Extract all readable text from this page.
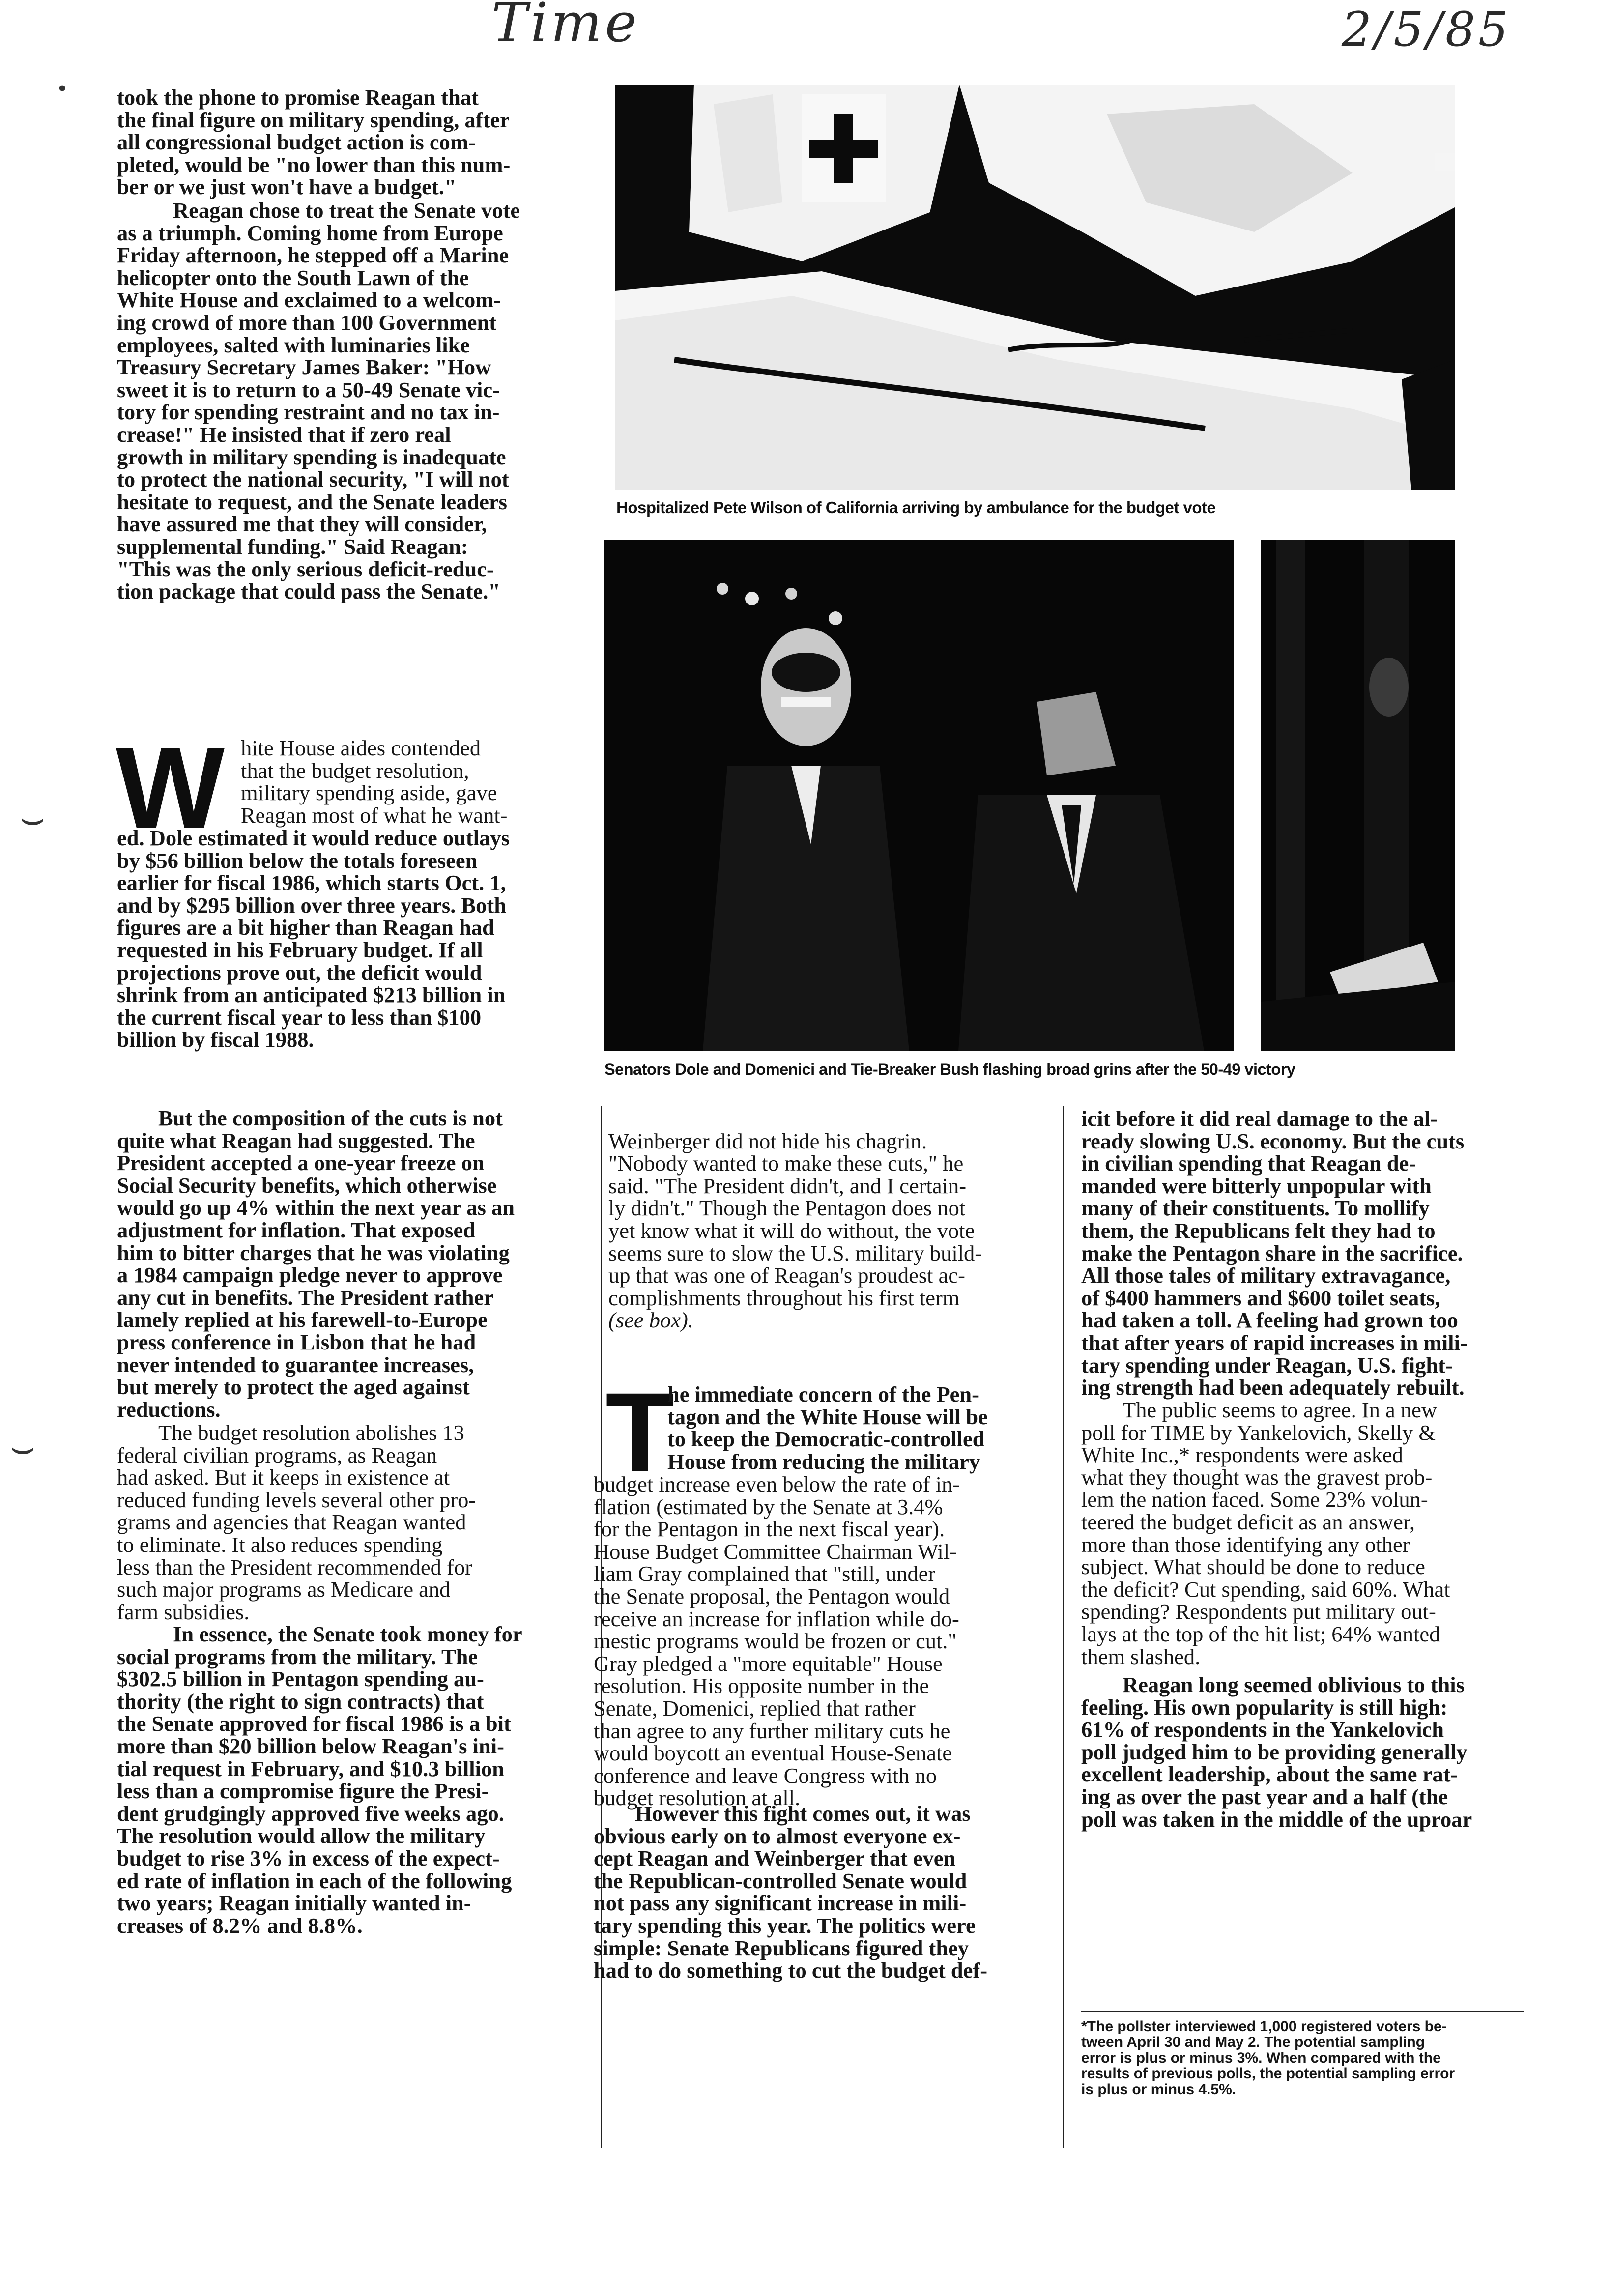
Time	2/5/85
•
⌣
⌣
took the phone to promise Reagan that
the final figure on military spending, after
all congressional budget action is com-
pleted, would be "no lower than this num-
ber or we just won't have a budget."
Reagan chose to treat the Senate vote
as a triumph. Coming home from Europe
Friday afternoon, he stepped off a Marine
helicopter onto the South Lawn of the
White House and exclaimed to a welcom-
ing crowd of more than 100 Government
employees, salted with luminaries like
Treasury Secretary James Baker: "How
sweet it is to return to a 50-49 Senate vic-
tory for spending restraint and no tax in-
crease!" He insisted that if zero real
growth in military spending is inadequate
to protect the national security, "I will not
hesitate to request, and the Senate leaders
have assured me that they will consider,
supplemental funding." Said Reagan:
"This was the only serious deficit-reduc-
tion package that could pass the Senate."
W hite House aides contended
that the budget resolution,
military spending aside, gave
Reagan most of what he want-
ed. Dole estimated it would reduce outlays
by $56 billion below the totals foreseen
earlier for fiscal 1986, which starts Oct. 1,
and by $295 billion over three years. Both
figures are a bit higher than Reagan had
requested in his February budget. If all
projections prove out, the deficit would
shrink from an anticipated $213 billion in
the current fiscal year to less than $100
billion by fiscal 1988.
But the composition of the cuts is not
quite what Reagan had suggested. The
President accepted a one-year freeze on
Social Security benefits, which otherwise
would go up 4% within the next year as an
adjustment for inflation. That exposed
him to bitter charges that he was violating
a 1984 campaign pledge never to approve
any cut in benefits. The President rather
lamely replied at his farewell-to-Europe
press conference in Lisbon that he had
never intended to guarantee increases,
but merely to protect the aged against
reductions.
The budget resolution abolishes 13
federal civilian programs, as Reagan
had asked. But it keeps in existence at
reduced funding levels several other pro-
grams and agencies that Reagan wanted
to eliminate. It also reduces spending
less than the President recommended for
such major programs as Medicare and
farm subsidies.
In essence, the Senate took money for
social programs from the military. The
$302.5 billion in Pentagon spending au-
thority (the right to sign contracts) that
the Senate approved for fiscal 1986 is a bit
more than $20 billion below Reagan's ini-
tial request in February, and $10.3 billion
less than a compromise figure the Presi-
dent grudgingly approved five weeks ago.
The resolution would allow the military
budget to rise 3% in excess of the expect-
ed rate of inflation in each of the following
two years; Reagan initially wanted in-
creases of 8.2% and 8.8%.
Hospitalized Pete Wilson of California arriving by ambulance for the budget vote
Senators Dole and Domenici and Tie-Breaker Bush flashing broad grins after the 50-49 victory

Weinberger did not hide his chagrin.
"Nobody wanted to make these cuts," he
said. "The President didn't, and I certain-
ly didn't." Though the Pentagon does not
yet know what it will do without, the vote
seems sure to slow the U.S. military build-
up that was one of Reagan's proudest ac-
complishments throughout his first term
(see box).

T
he immediate concern of the Pen-
tagon and the White House will be
to keep the Democratic-controlled
House from reducing the military
budget increase even below the rate of in-
flation (estimated by the Senate at 3.4%
for the Pentagon in the next fiscal year).
House Budget Committee Chairman Wil-
liam Gray complained that "still, under
the Senate proposal, the Pentagon would
receive an increase for inflation while do-
mestic programs would be frozen or cut."
Gray pledged a "more equitable" House
resolution. His opposite number in the
Senate, Domenici, replied that rather
than agree to any further military cuts he
would boycott an eventual House-Senate
conference and leave Congress with no
budget resolution at all.
However this fight comes out, it was
obvious early on to almost everyone ex-
cept Reagan and Weinberger that even
the Republican-controlled Senate would
not pass any significant increase in mili-
tary spending this year. The politics were
simple: Senate Republicans figured they
had to do something to cut the budget def-
icit before it did real damage to the al-
ready slowing U.S. economy. But the cuts
in civilian spending that Reagan de-
manded were bitterly unpopular with
many of their constituents. To mollify
them, the Republicans felt they had to
make the Pentagon share in the sacrifice.
All those tales of military extravagance,
of $400 hammers and $600 toilet seats,
had taken a toll. A feeling had grown too
that after years of rapid increases in mili-
tary spending under Reagan, U.S. fight-
ing strength had been adequately rebuilt.
The public seems to agree. In a new
poll for TIME by Yankelovich, Skelly &
White Inc.,* respondents were asked
what they thought was the gravest prob-
lem the nation faced. Some 23% volun-
teered the budget deficit as an answer,
more than those identifying any other
subject. What should be done to reduce
the deficit? Cut spending, said 60%. What
spending? Respondents put military out-
lays at the top of the hit list; 64% wanted
them slashed.
Reagan long seemed oblivious to this
feeling. His own popularity is still high:
61% of respondents in the Yankelovich
poll judged him to be providing generally
excellent leadership, about the same rat-
ing as over the past year and a half (the
poll was taken in the middle of the uproar
*The pollster interviewed 1,000 registered voters be-
tween April 30 and May 2. The potential sampling
error is plus or minus 3%. When compared with the
results of previous polls, the potential sampling error
is plus or minus 4.5%.
